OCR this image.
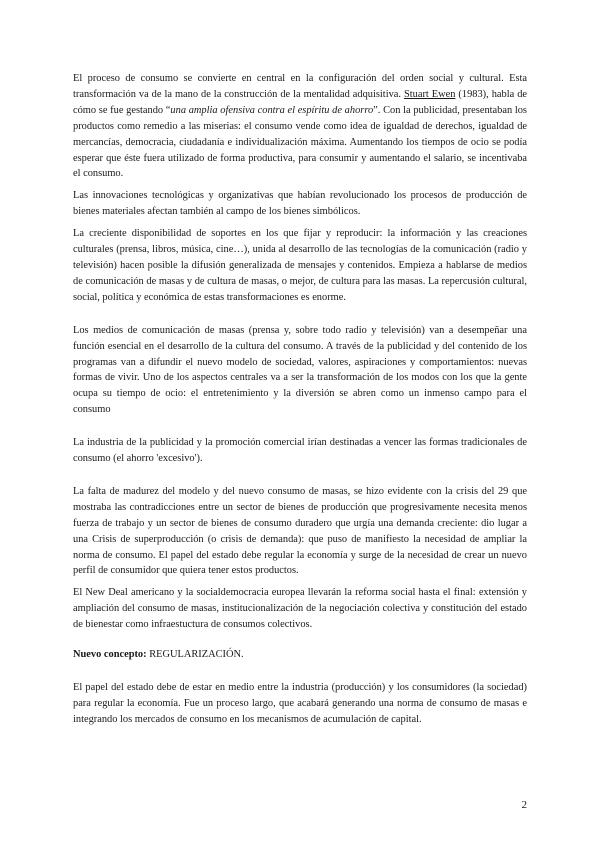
El proceso de consumo se convierte en central en la configuración del orden social y cultural. Esta transformación va de la mano de la construcción de la mentalidad adquisitiva. Stuart Ewen (1983), habla de cómo se fue gestando “una amplia ofensiva contra el espíritu de ahorro”. Con la publicidad, presentaban los productos como remedio a las miserias: el consumo vende como idea de igualdad de derechos, igualdad de mercancías, democracia, ciudadanía e individualización máxima. Aumentando los tiempos de ocio se podía esperar que éste fuera utilizado de forma productiva, para consumir y aumentando el salario, se incentivaba el consumo.

Las innovaciones tecnológicas y organizativas que habían revolucionado los procesos de producción de bienes materiales afectan también al campo de los bienes simbólicos.

La creciente disponibilidad de soportes en los que fijar y reproducir: la información y las creaciones culturales (prensa, libros, música, cine…), unida al desarrollo de las tecnologías de la comunicación (radio y televisión) hacen posible la difusión generalizada de mensajes y contenidos. Empieza a hablarse de medios de comunicación de masas y de cultura de masas, o mejor, de cultura para las masas. La repercusión cultural, social, política y económica de estas transformaciones es enorme.

Los medios de comunicación de masas (prensa y, sobre todo radio y televisión) van a desempeñar una función esencial en el desarrollo de la cultura del consumo. A través de la publicidad y del contenido de los programas van a difundir el nuevo modelo de sociedad, valores, aspiraciones y comportamientos: nuevas formas de vivir. Uno de los aspectos centrales va a ser la transformación de los modos con los que la gente ocupa su tiempo de ocio: el entretenimiento y la diversión se abren como un inmenso campo para el consumo

La industria de la publicidad y la promoción comercial irían destinadas a vencer las formas tradicionales de consumo (el ahorro 'excesivo').

La falta de madurez del modelo y del nuevo consumo de masas, se hizo evidente con la crisis del 29 que mostraba las contradicciones entre un sector de bienes de producción que progresivamente necesita menos fuerza de trabajo y un sector de bienes de consumo duradero que urgía una demanda creciente: dio lugar a una Crisis de superproducción (o crisis de demanda): que puso de manifiesto la necesidad de ampliar la norma de consumo. El papel del estado debe regular la economía y surge de la necesidad de crear un nuevo perfil de consumidor que quiera tener estos productos.

El New Deal americano y la socialdemocracia europea llevarán la reforma social hasta el final: extensión y ampliación del consumo de masas, institucionalización de la negociación colectiva y constitución del estado de bienestar como infraestuctura de consumos colectivos.

Nuevo concepto: REGULARIZACIÓN.

El papel del estado debe de estar en medio entre la industria (producción) y los consumidores (la sociedad) para regular la economía. Fue un proceso largo, que acabará generando una norma de consumo de masas e integrando los mercados de consumo en los mecanismos de acumulación de capital.

2
